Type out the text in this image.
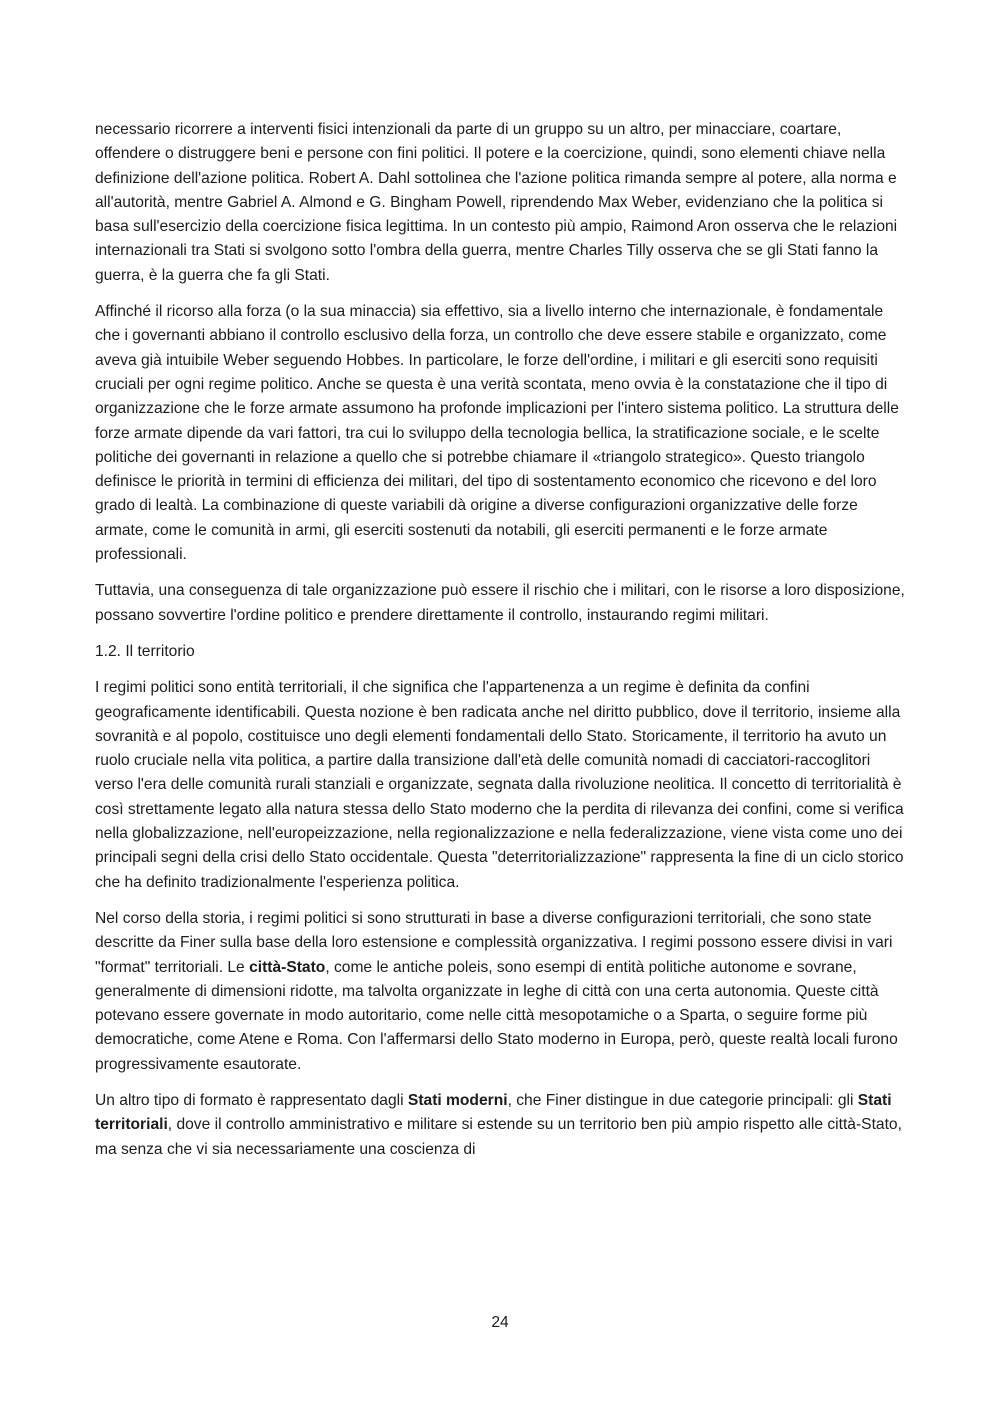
necessario ricorrere a interventi fisici intenzionali da parte di un gruppo su un altro, per minacciare, coartare, offendere o distruggere beni e persone con fini politici. Il potere e la coercizione, quindi, sono elementi chiave nella definizione dell'azione politica. Robert A. Dahl sottolinea che l'azione politica rimanda sempre al potere, alla norma e all'autorità, mentre Gabriel A. Almond e G. Bingham Powell, riprendendo Max Weber, evidenziano che la politica si basa sull'esercizio della coercizione fisica legittima. In un contesto più ampio, Raimond Aron osserva che le relazioni internazionali tra Stati si svolgono sotto l'ombra della guerra, mentre Charles Tilly osserva che se gli Stati fanno la guerra, è la guerra che fa gli Stati.

Affinché il ricorso alla forza (o la sua minaccia) sia effettivo, sia a livello interno che internazionale, è fondamentale che i governanti abbiano il controllo esclusivo della forza, un controllo che deve essere stabile e organizzato, come aveva già intuibile Weber seguendo Hobbes. In particolare, le forze dell'ordine, i militari e gli eserciti sono requisiti cruciali per ogni regime politico. Anche se questa è una verità scontata, meno ovvia è la constatazione che il tipo di organizzazione che le forze armate assumono ha profonde implicazioni per l'intero sistema politico. La struttura delle forze armate dipende da vari fattori, tra cui lo sviluppo della tecnologia bellica, la stratificazione sociale, e le scelte politiche dei governanti in relazione a quello che si potrebbe chiamare il «triangolo strategico». Questo triangolo definisce le priorità in termini di efficienza dei militari, del tipo di sostentamento economico che ricevono e del loro grado di lealtà. La combinazione di queste variabili dà origine a diverse configurazioni organizzative delle forze armate, come le comunità in armi, gli eserciti sostenuti da notabili, gli eserciti permanenti e le forze armate professionali.

Tuttavia, una conseguenza di tale organizzazione può essere il rischio che i militari, con le risorse a loro disposizione, possano sovvertire l'ordine politico e prendere direttamente il controllo, instaurando regimi militari.

1.2. Il territorio

I regimi politici sono entità territoriali, il che significa che l'appartenenza a un regime è definita da confini geograficamente identificabili. Questa nozione è ben radicata anche nel diritto pubblico, dove il territorio, insieme alla sovranità e al popolo, costituisce uno degli elementi fondamentali dello Stato. Storicamente, il territorio ha avuto un ruolo cruciale nella vita politica, a partire dalla transizione dall'età delle comunità nomadi di cacciatori-raccoglitori verso l'era delle comunità rurali stanziali e organizzate, segnata dalla rivoluzione neolitica. Il concetto di territorialità è così strettamente legato alla natura stessa dello Stato moderno che la perdita di rilevanza dei confini, come si verifica nella globalizzazione, nell'europeizzazione, nella regionalizzazione e nella federalizzazione, viene vista come uno dei principali segni della crisi dello Stato occidentale. Questa "deterritorializzazione" rappresenta la fine di un ciclo storico che ha definito tradizionalmente l'esperienza politica.

Nel corso della storia, i regimi politici si sono strutturati in base a diverse configurazioni territoriali, che sono state descritte da Finer sulla base della loro estensione e complessità organizzativa. I regimi possono essere divisi in vari "format" territoriali. Le città-Stato, come le antiche poleis, sono esempi di entità politiche autonome e sovrane, generalmente di dimensioni ridotte, ma talvolta organizzate in leghe di città con una certa autonomia. Queste città potevano essere governate in modo autoritario, come nelle città mesopotamiche o a Sparta, o seguire forme più democratiche, come Atene e Roma. Con l'affermarsi dello Stato moderno in Europa, però, queste realtà locali furono progressivamente esautorate.

Un altro tipo di formato è rappresentato dagli Stati moderni, che Finer distingue in due categorie principali: gli Stati territoriali, dove il controllo amministrativo e militare si estende su un territorio ben più ampio rispetto alle città-Stato, ma senza che vi sia necessariamente una coscienza di

24
